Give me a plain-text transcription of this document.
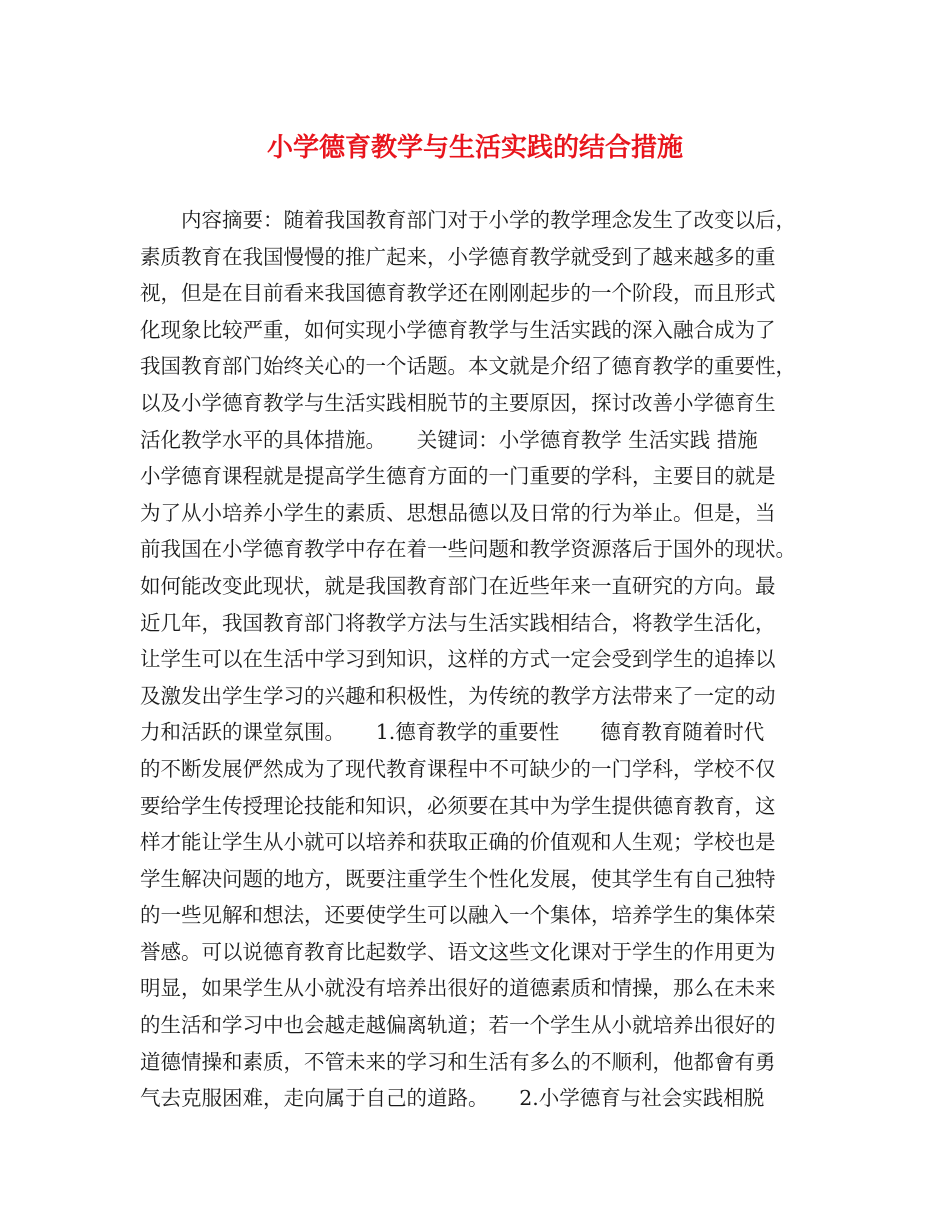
小学德育教学与生活实践的结合措施
　　内容摘要：随着我国教育部门对于小学的教学理念发生了改变以后，
素质教育在我国慢慢的推广起来，小学德育教学就受到了越来越多的重
视，但是在目前看来我国德育教学还在刚刚起步的一个阶段，而且形式
化现象比较严重，如何实现小学德育教学与生活实践的深入融合成为了
我国教育部门始终关心的一个话题。本文就是介绍了德育教学的重要性，
以及小学德育教学与生活实践相脱节的主要原因，探讨改善小学德育生
活化教学水平的具体措施。　　关键词：小学德育教学 生活实践 措施
小学德育课程就是提高学生德育方面的一门重要的学科，主要目的就是
为了从小培养小学生的素质、思想品德以及日常的行为举止。但是，当
前我国在小学德育教学中存在着一些问题和教学资源落后于国外的现状。
如何能改变此现状，就是我国教育部门在近些年来一直研究的方向。最
近几年，我国教育部门将教学方法与生活实践相结合，将教学生活化，
让学生可以在生活中学习到知识，这样的方式一定会受到学生的追捧以
及激发出学生学习的兴趣和积极性，为传统的教学方法带来了一定的动
力和活跃的课堂氛围。　　1.德育教学的重要性　　德育教育随着时代
的不断发展俨然成为了现代教育课程中不可缺少的一门学科，学校不仅
要给学生传授理论技能和知识，必须要在其中为学生提供德育教育，这
样才能让学生从小就可以培养和获取正确的价值观和人生观；学校也是
学生解决问题的地方，既要注重学生个性化发展，使其学生有自己独特
的一些见解和想法，还要使学生可以融入一个集体，培养学生的集体荣
誉感。可以说德育教育比起数学、语文这些文化课对于学生的作用更为
明显，如果学生从小就没有培养出很好的道德素质和情操，那么在未来
的生活和学习中也会越走越偏离轨道；若一个学生从小就培养出很好的
道德情操和素质，不管未来的学习和生活有多么的不顺利，他都會有勇
气去克服困难，走向属于自己的道路。　　2.小学德育与社会实践相脱
